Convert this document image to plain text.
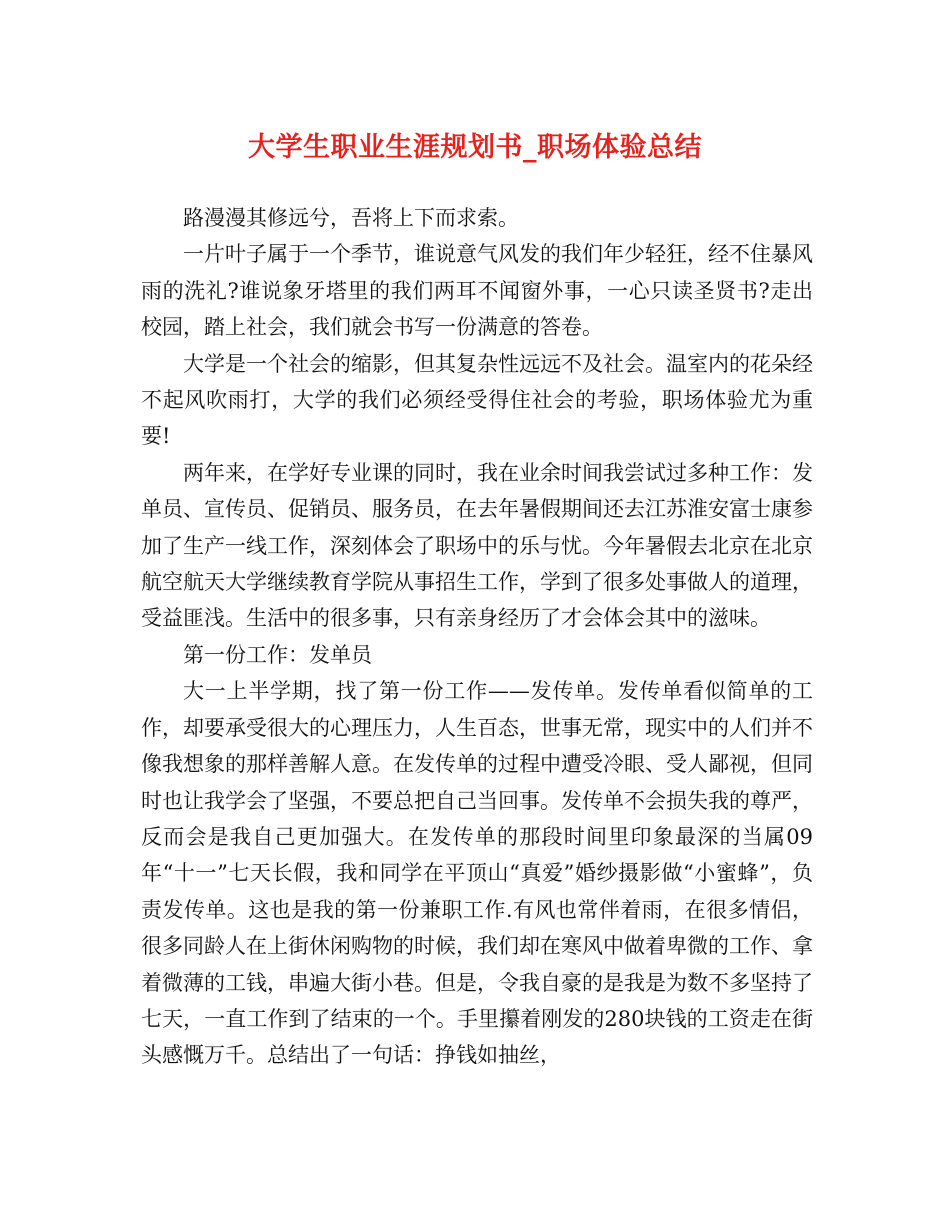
大学生职业生涯规划书_职场体验总结

路漫漫其修远兮，吾将上下而求索。

一片叶子属于一个季节，谁说意气风发的我们年少轻狂，经不住暴风雨的洗礼?谁说象牙塔里的我们两耳不闻窗外事，一心只读圣贤书?走出校园，踏上社会，我们就会书写一份满意的答卷。

大学是一个社会的缩影，但其复杂性远远不及社会。温室内的花朵经不起风吹雨打，大学的我们必须经受得住社会的考验，职场体验尤为重要!

两年来，在学好专业课的同时，我在业余时间我尝试过多种工作：发单员、宣传员、促销员、服务员，在去年暑假期间还去江苏淮安富士康参加了生产一线工作，深刻体会了职场中的乐与忧。今年暑假去北京在北京航空航天大学继续教育学院从事招生工作，学到了很多处事做人的道理，受益匪浅。生活中的很多事，只有亲身经历了才会体会其中的滋味。

第一份工作：发单员

大一上半学期，找了第一份工作——发传单。发传单看似简单的工作，却要承受很大的心理压力，人生百态，世事无常，现实中的人们并不像我想象的那样善解人意。在发传单的过程中遭受冷眼、受人鄙视，但同时也让我学会了坚强，不要总把自己当回事。发传单不会损失我的尊严，反而会是我自己更加强大。在发传单的那段时间里印象最深的当属09年“十一”七天长假，我和同学在平顶山“真爱”婚纱摄影做“小蜜蜂”，负责发传单。这也是我的第一份兼职工作.有风也常伴着雨，在很多情侣，很多同龄人在上街休闲购物的时候，我们却在寒风中做着卑微的工作、拿着微薄的工钱，串遍大街小巷。但是，令我自豪的是我是为数不多坚持了七天，一直工作到了结束的一个。手里攥着刚发的280块钱的工资走在街头感慨万千。总结出了一句话：挣钱如抽丝，
